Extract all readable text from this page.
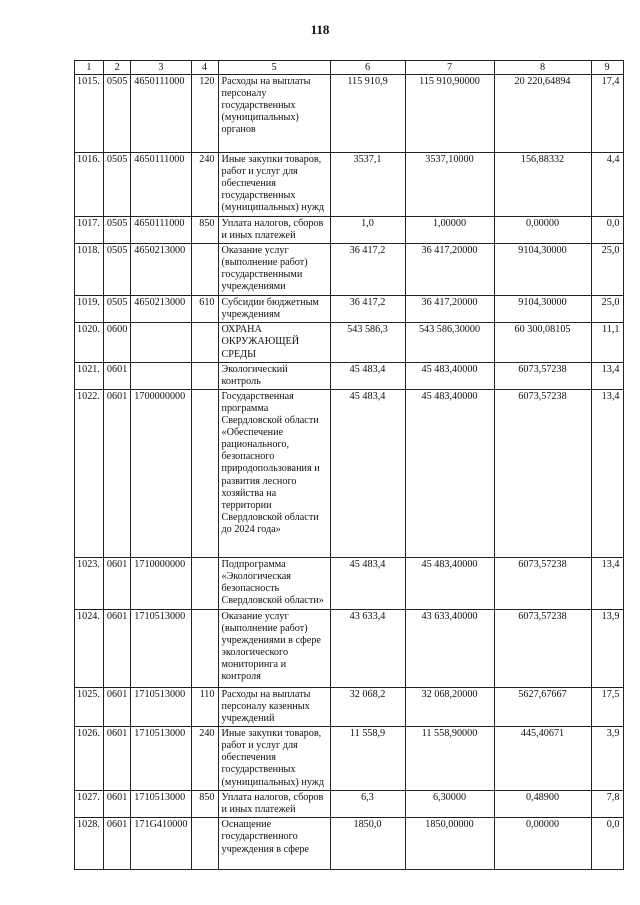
118
1	2	3	4	5	6	7	8	9
1015.	0505	4650111000	120	Расходы на выплаты персоналу государственных (муниципальных) органов	115 910,9	115 910,90000	20 220,64894	17,4
1016.	0505	4650111000	240	Иные закупки товаров, работ и услуг для обеспечения государственных (муниципальных) нужд	3537,1	3537,10000	156,88332	4,4
1017.	0505	4650111000	850	Уплата налогов, сборов и иных платежей	1,0	1,00000	0,00000	0,0
1018.	0505	4650213000		Оказание услуг (выполнение работ) государственными учреждениями	36 417,2	36 417,20000	9104,30000	25,0
1019.	0505	4650213000	610	Субсидии бюджетным учреждениям	36 417,2	36 417,20000	9104,30000	25,0
1020.	0600			ОХРАНА ОКРУЖАЮЩЕЙ СРЕДЫ	543 586,3	543 586,30000	60 300,08105	11,1
1021.	0601			Экологический контроль	45 483,4	45 483,40000	6073,57238	13,4
1022.	0601	1700000000		Государственная программа Свердловской области «Обеспечение рационального, безопасного природопользования и развития лесного хозяйства на территории Свердловской области до 2024 года»	45 483,4	45 483,40000	6073,57238	13,4
1023.	0601	1710000000		Подпрограмма «Экологическая безопасность Свердловской области»	45 483,4	45 483,40000	6073,57238	13,4
1024.	0601	1710513000		Оказание услуг (выполнение работ) учреждениями в сфере экологического мониторинга и контроля	43 633,4	43 633,40000	6073,57238	13,9
1025.	0601	1710513000	110	Расходы на выплаты персоналу казенных учреждений	32 068,2	32 068,20000	5627,67667	17,5
1026.	0601	1710513000	240	Иные закупки товаров, работ и услуг для обеспечения государственных (муниципальных) нужд	11 558,9	11 558,90000	445,40671	3,9
1027.	0601	1710513000	850	Уплата налогов, сборов и иных платежей	6,3	6,30000	0,48900	7,8
1028.	0601	171G410000		Оснащение государственного учреждения в сфере	1850,0	1850,00000	0,00000	0,0
